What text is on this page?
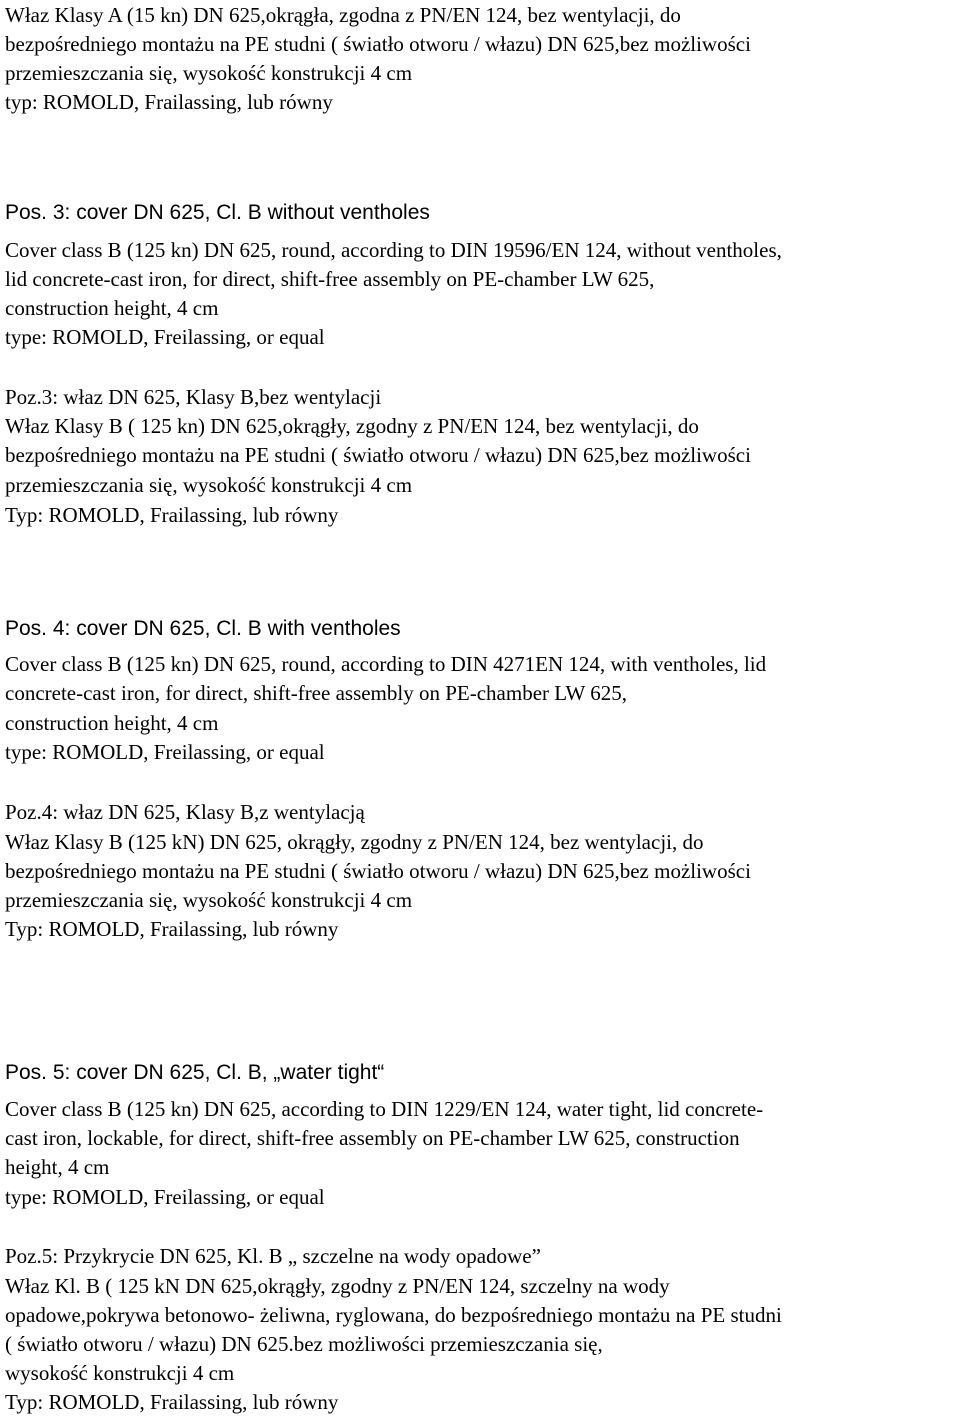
Właz Klasy A (15 kn) DN 625,okrągła, zgodna z PN/EN 124, bez wentylacji, do
bezpośredniego montażu na PE studni ( światło otworu / włazu) DN 625,bez możliwości
przemieszczania się, wysokość konstrukcji 4 cm
typ: ROMOLD, Frailassing, lub równy
Pos. 3: cover DN 625, Cl. B without ventholes
Cover class B (125 kn) DN 625, round, according to DIN 19596/EN 124, without ventholes,
lid concrete-cast iron, for direct, shift-free assembly on PE-chamber LW 625,
construction height, 4 cm
type: ROMOLD, Freilassing, or equal
Poz.3: właz DN 625, Klasy B,bez wentylacji
Właz Klasy B ( 125 kn) DN 625,okrągły, zgodny z PN/EN 124, bez wentylacji, do
bezpośredniego montażu na PE studni ( światło otworu / włazu) DN 625,bez możliwości
przemieszczania się, wysokość konstrukcji 4 cm
Typ: ROMOLD, Frailassing, lub równy
Pos. 4: cover DN 625, Cl. B with ventholes
Cover class B (125 kn) DN 625, round, according to DIN 4271EN 124, with ventholes, lid
concrete-cast iron, for direct, shift-free assembly on PE-chamber LW 625,
construction height, 4 cm
type: ROMOLD, Freilassing, or equal
Poz.4: właz DN 625, Klasy B,z wentylacją
Właz Klasy B (125 kN) DN 625, okrągły, zgodny z PN/EN 124, bez wentylacji, do
bezpośredniego montażu na PE studni ( światło otworu / włazu) DN 625,bez możliwości
przemieszczania się, wysokość konstrukcji 4 cm
Typ: ROMOLD, Frailassing, lub równy
Pos. 5: cover DN 625, Cl. B, „water tight“
Cover class B (125 kn) DN 625, according to DIN 1229/EN 124, water tight, lid concrete-
cast iron, lockable, for direct, shift-free assembly on PE-chamber LW 625, construction
height, 4 cm
type: ROMOLD, Freilassing, or equal
Poz.5: Przykrycie DN 625, Kl. B „ szczelne na wody opadowe”
Właz Kl. B ( 125 kN DN 625,okrągły, zgodny z PN/EN 124, szczelny na wody
opadowe,pokrywa betonowo- żeliwna, ryglowana, do bezpośredniego montażu na PE studni
( światło otworu / włazu) DN 625.bez możliwości przemieszczania się,
wysokość konstrukcji 4 cm
Typ: ROMOLD, Frailassing, lub równy
